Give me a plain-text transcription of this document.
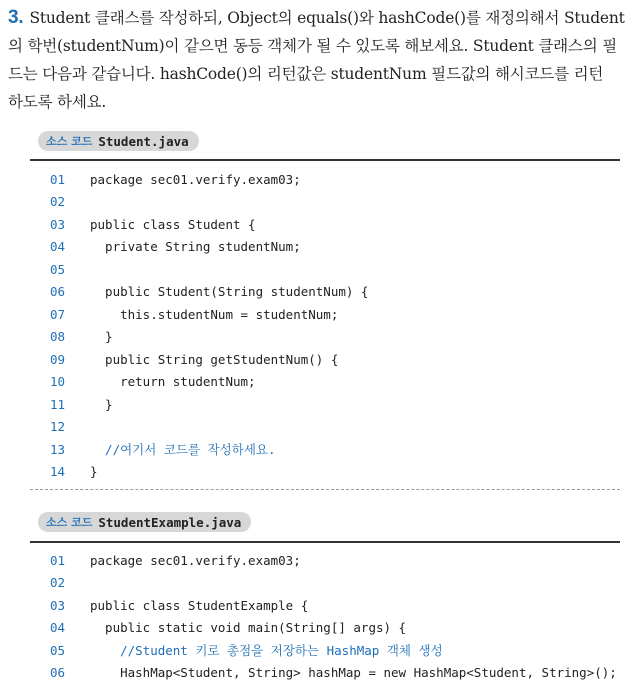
3. Student 클래스를 작성하되, Object의 equals()와 hashCode()를 재정의해서 Student
의 학번(studentNum)이 같으면 동등 객체가 될 수 있도록 해보세요. Student 클래스의 필
드는 다음과 같습니다. hashCode()의 리턴값은 studentNum 필드값의 해시코드를 리턴
하도록 하세요.
소스 코드 Student.java
01	package sec01.verify.exam03;
02
03	public class Student {
04	private String studentNum;
05
06	public Student(String studentNum) {
07	this.studentNum = studentNum;
08	}
09	public String getStudentNum() {
10	return studentNum;
11	}
12
13	//여기서 코드를 작성하세요.
14	}
소스 코드 StudentExample.java
01	package sec01.verify.exam03;
02
03	public class StudentExample {
04	public static void main(String[] args) {
05	//Student 키로 총점을 저장하는 HashMap 객체 생성
06	HashMap<Student, String> hashMap = new HashMap<Student, String>();
